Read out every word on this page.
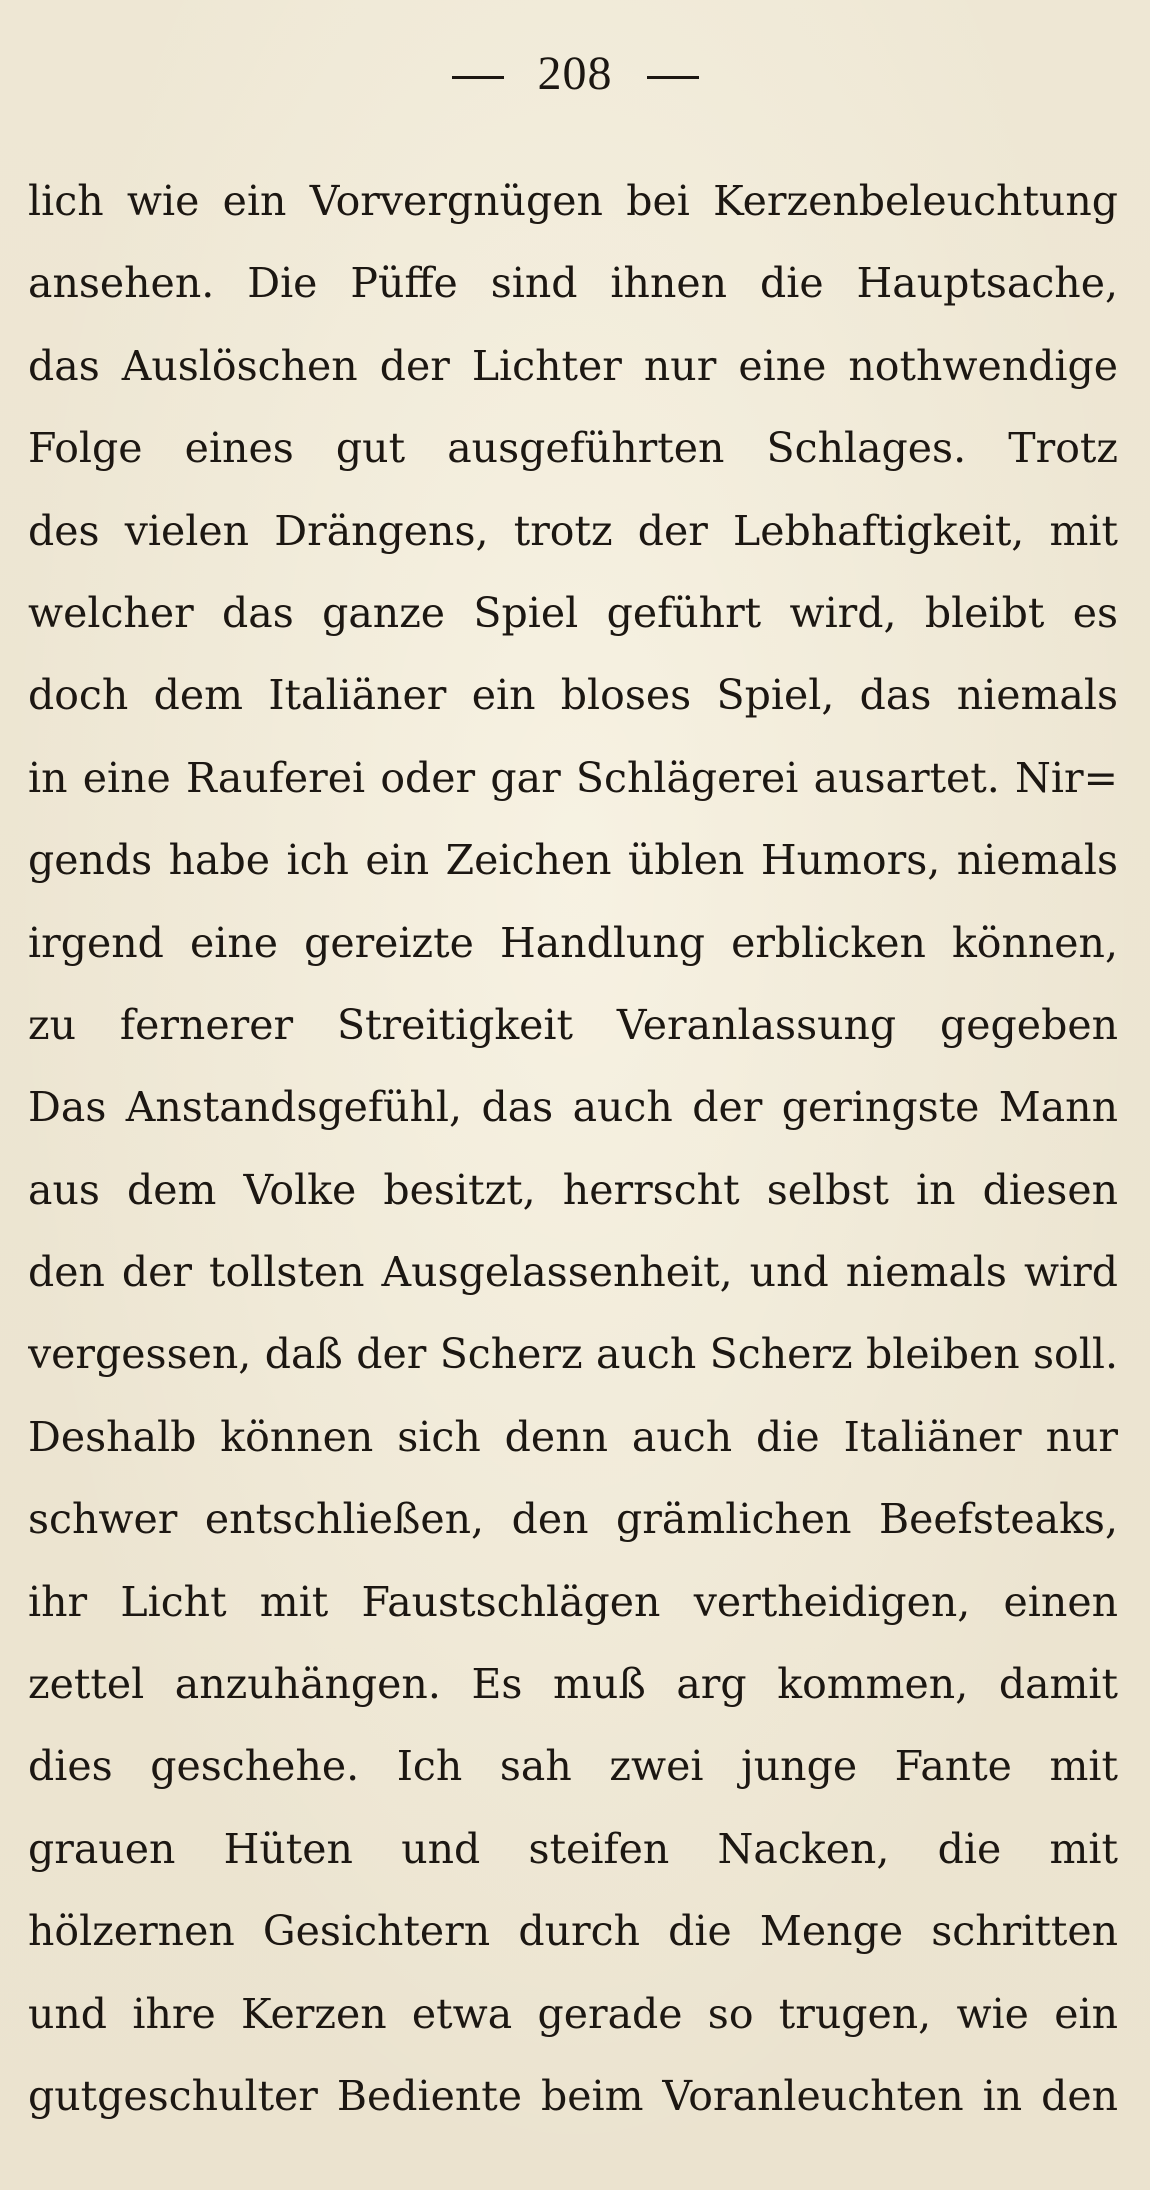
208
lich wie ein Vorvergnügen bei Kerzenbeleuchtung
ansehen. Die Püffe sind ihnen die Hauptsache,
das Auslöschen der Lichter nur eine nothwendige
Folge eines gut ausgeführten Schlages. Trotz
des vielen Drängens, trotz der Lebhaftigkeit, mit
welcher das ganze Spiel geführt wird, bleibt es
doch dem Italiäner ein bloses Spiel, das niemals
in eine Rauferei oder gar Schlägerei ausartet. Nir=
gends habe ich ein Zeichen üblen Humors, niemals
irgend eine gereizte Handlung erblicken können,
zu fernerer Streitigkeit Veranlassung gegeben
Das Anstandsgefühl, das auch der geringste Mann
aus dem Volke besitzt, herrscht selbst in diesen
den der tollsten Ausgelassenheit, und niemals wird
vergessen, daß der Scherz auch Scherz bleiben soll.
Deshalb können sich denn auch die Italiäner nur
schwer entschließen, den grämlichen Beefsteaks,
ihr Licht mit Faustschlägen vertheidigen, einen
zettel anzuhängen. Es muß arg kommen, damit
dies geschehe. Ich sah zwei junge Fante mit
grauen Hüten und steifen Nacken, die mit
hölzernen Gesichtern durch die Menge schritten
und ihre Kerzen etwa gerade so trugen, wie ein
gutgeschulter Bediente beim Voranleuchten in den
